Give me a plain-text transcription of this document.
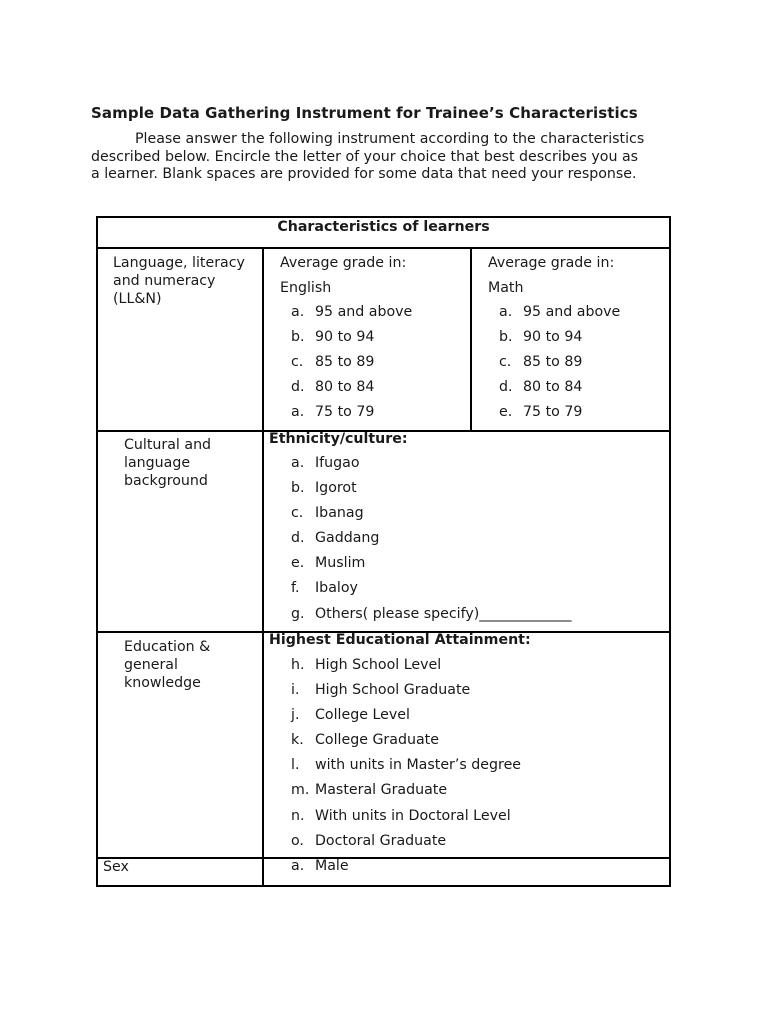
Sample Data Gathering Instrument for Trainee’s Characteristics
Please answer the following instrument according to the characteristics
described below. Encircle the letter of your choice that best describes you as
a learner. Blank spaces are provided for some data that need your response.
Characteristics of learners
Language, literacy
and numeracy
(LL&N)
Average grade in:
English
a. 95 and above
b. 90 to 94
c. 85 to 89
d. 80 to 84
a. 75 to 79
Average grade in:
Math
a. 95 and above
b. 90 to 94
c. 85 to 89
d. 80 to 84
e. 75 to 79
Cultural and
language
background
Ethnicity/culture:
a. Ifugao
b. Igorot
c. Ibanag
d. Gaddang
e. Muslim
f. Ibaloy
g. Others( please specify)_____________
Education &
general
knowledge
Highest Educational Attainment:
h. High School Level
i. High School Graduate
j. College Level
k. College Graduate
l. with units in Master’s degree
m. Masteral Graduate
n. With units in Doctoral Level
o. Doctoral Graduate
Sex	a. Male
